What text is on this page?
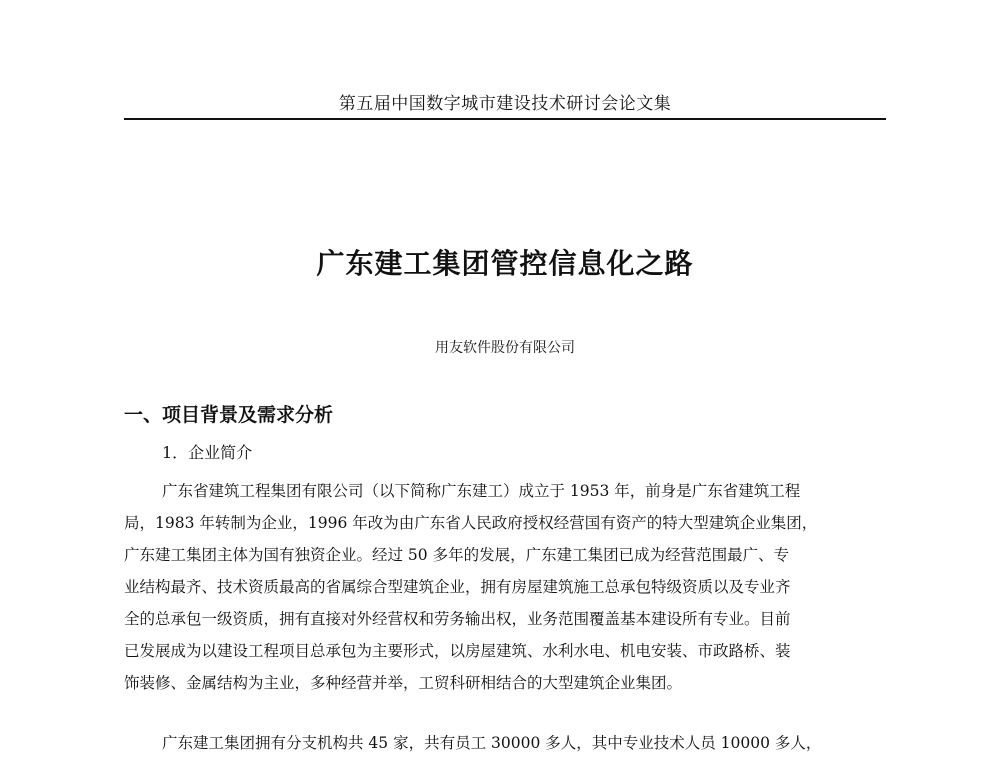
第五届中国数字城市建设技术研讨会论文集
广东建工集团管控信息化之路
用友软件股份有限公司
一、项目背景及需求分析
1．企业简介
广东省建筑工程集团有限公司（以下简称广东建工）成立于 1953 年，前身是广东省建筑工程
局，1983 年转制为企业，1996 年改为由广东省人民政府授权经营国有资产的特大型建筑企业集团，
广东建工集团主体为国有独资企业。经过 50 多年的发展，广东建工集团已成为经营范围最广、专
业结构最齐、技术资质最高的省属综合型建筑企业，拥有房屋建筑施工总承包特级资质以及专业齐
全的总承包一级资质，拥有直接对外经营权和劳务输出权，业务范围覆盖基本建设所有专业。目前
已发展成为以建设工程项目总承包为主要形式，以房屋建筑、水利水电、机电安装、市政路桥、装
饰装修、金属结构为主业，多种经营并举，工贸科研相结合的大型建筑企业集团。
广东建工集团拥有分支机构共 45 家，共有员工 30000 多人，其中专业技术人员 10000 多人，
